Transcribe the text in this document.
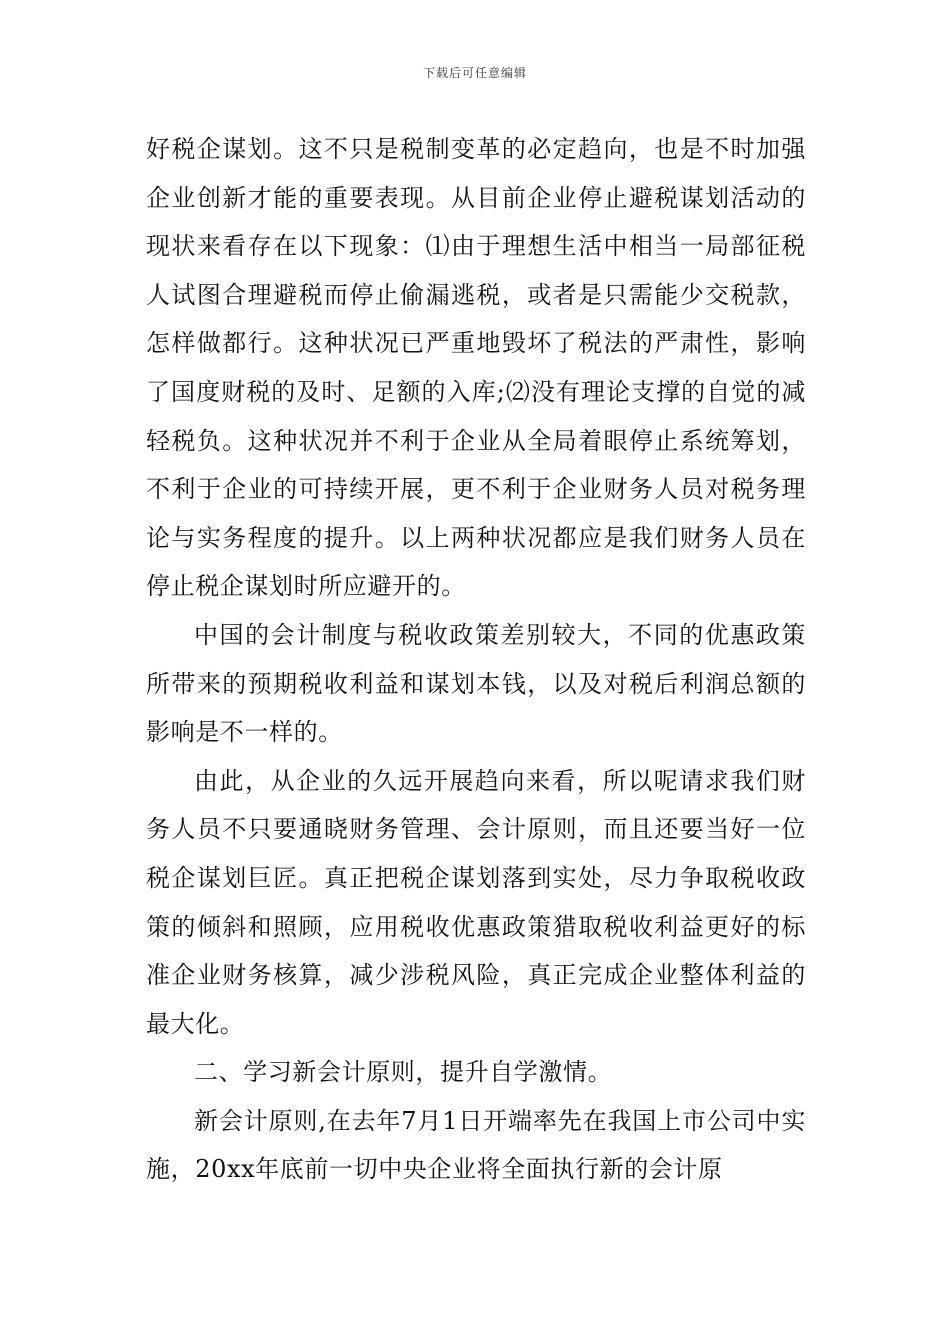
下载后可任意编辑

好税企谋划。这不只是税制变革的必定趋向，也是不时加强企业创新才能的重要表现。从目前企业停止避税谋划活动的现状来看存在以下现象：⑴由于理想生活中相当一局部征税人试图合理避税而停止偷漏逃税，或者是只需能少交税款，怎样做都行。这种状况已严重地毁坏了税法的严肃性，影响了国度财税的及时、足额的入库;⑵没有理论支撑的自觉的减轻税负。这种状况并不利于企业从全局着眼停止系统筹划，不利于企业的可持续开展，更不利于企业财务人员对税务理论与实务程度的提升。以上两种状况都应是我们财务人员在停止税企谋划时所应避开的。

中国的会计制度与税收政策差别较大，不同的优惠政策所带来的预期税收利益和谋划本钱，以及对税后利润总额的影响是不一样的。

由此，从企业的久远开展趋向来看，所以呢请求我们财务人员不只要通晓财务管理、会计原则，而且还要当好一位税企谋划巨匠。真正把税企谋划落到实处，尽力争取税收政策的倾斜和照顾，应用税收优惠政策猎取税收利益更好的标准企业财务核算，减少涉税风险，真正完成企业整体利益的最大化。

二、学习新会计原则，提升自学激情。

新会计原则,在去年7月1日开端率先在我国上市公司中实施，20xx年底前一切中央企业将全面执行新的会计原
